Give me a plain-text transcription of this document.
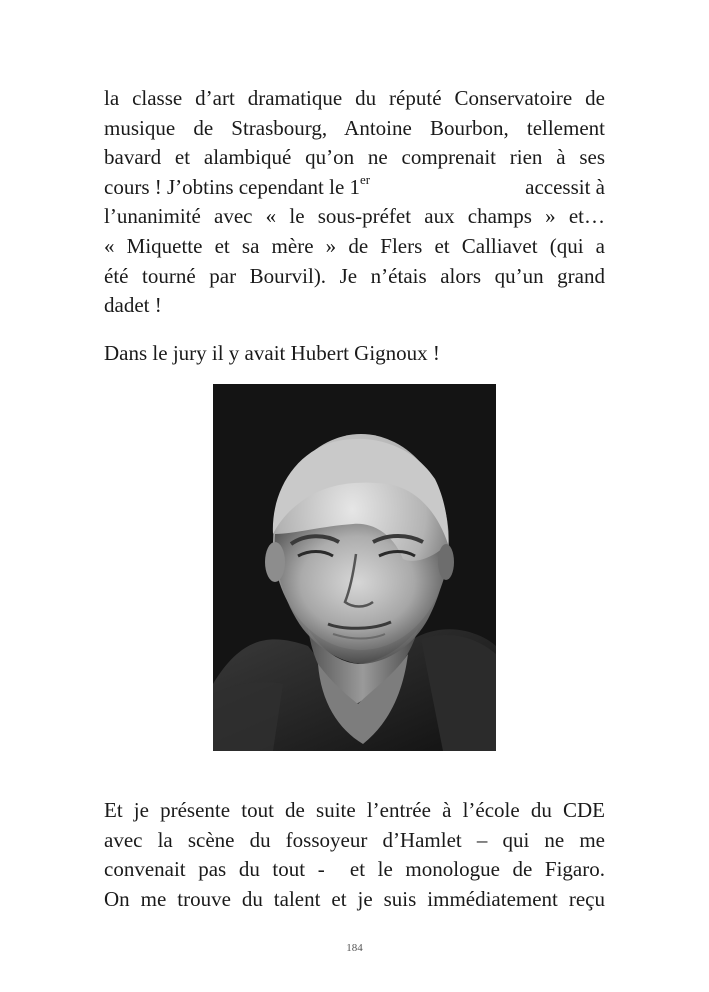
la classe d’art dramatique du réputé Conservatoire de
musique de Strasbourg, Antoine Bourbon, tellement
bavard et alambiqué qu’on ne comprenait rien à ses
cours ! J’obtins cependant le 1er	accessit à
l’unanimité avec « le sous-préfet aux champs » et…
« Miquette et sa mère » de Flers et Calliavet (qui a
été tourné par Bourvil). Je n’étais alors qu’un grand
dadet !
Dans le jury il y avait Hubert Gignoux !
Et je présente tout de suite l’entrée à l’école du CDE
avec la scène du fossoyeur d’Hamlet – qui ne me
convenait pas du tout -  et le monologue de Figaro.
On me trouve du talent et je suis immédiatement reçu
184
